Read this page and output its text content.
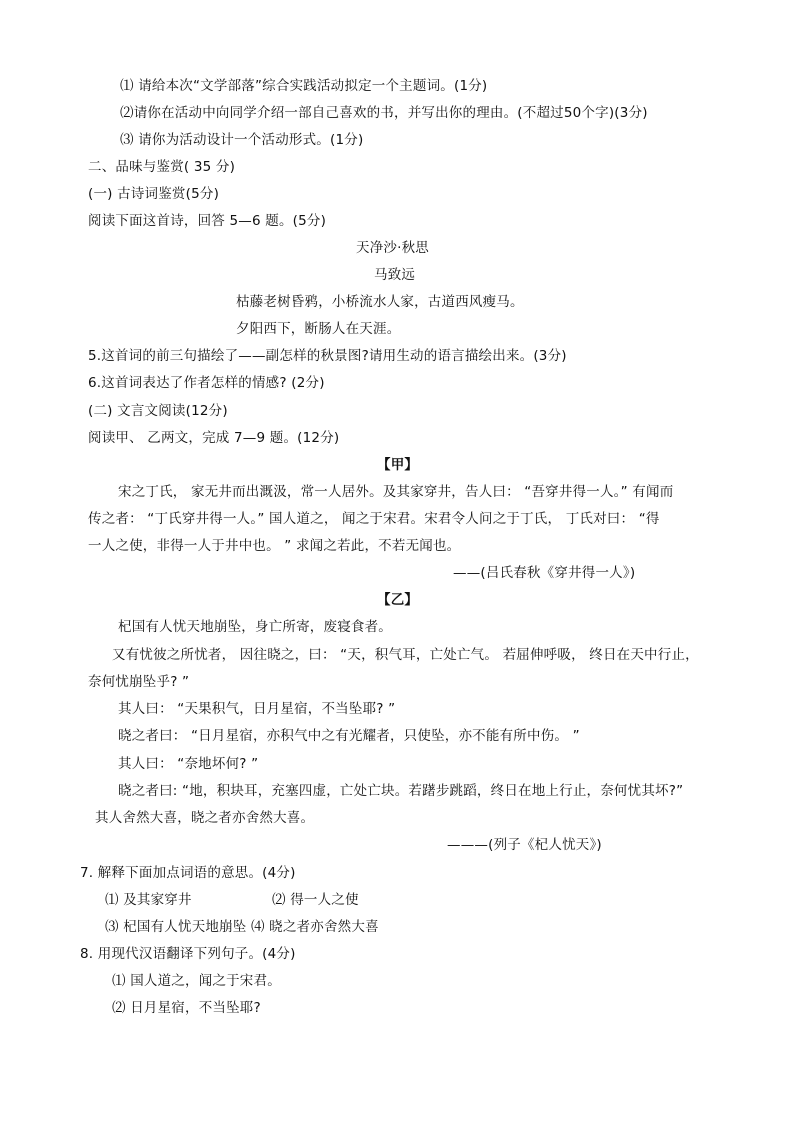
⑴ 请给本次“文学部落”综合实践活动拟定一个主题词。(1分)
⑵请你在活动中向同学介绍一部自己喜欢的书，并写出你的理由。(不超过50个字)(3分)
⑶ 请你为活动设计一个活动形式。(1分)
二、品味与鉴赏( 35 分)
(一) 古诗词鉴赏(5分)
阅读下面这首诗，回答 5—6 题。(5分)
天净沙·秋思
马致远
枯藤老树昏鸦，小桥流水人家，古道西风瘦马。
夕阳西下，断肠人在天涯。
5.这首词的前三句描绘了——副怎样的秋景图?请用生动的语言描绘出来。(3分)
6.这首词表达了作者怎样的情感? (2分)
(二) 文言文阅读(12分)
阅读甲、 乙两文，完成 7—9 题。(12分)
【甲】
宋之丁氏， 家无井而出溉汲，常一人居外。及其家穿井，告人曰： “吾穿井得一人。” 有闻而
传之者： “丁氏穿井得一人。” 国人道之， 闻之于宋君。宋君令人问之于丁氏， 丁氏对曰： “得
一人之使，非得一人于井中也。 ” 求闻之若此，不若无闻也。
——(吕氏春秋《穿井得一人》)
【乙】
杞国有人忧天地崩坠，身亡所寄，废寝食者。
又有忧彼之所忧者， 因往晓之，曰： “天，积气耳，亡处亡气。 若屈伸呼吸， 终日在天中行止，
奈何忧崩坠乎? ”
其人曰： “天果积气，日月星宿，不当坠耶? ”
晓之者曰： “日月星宿，亦积气中之有光耀者，只使坠，亦不能有所中伤。 ”
其人曰： “奈地坏何? ”
晓之者曰: “地，积块耳，充塞四虚，亡处亡块。若躇步跳蹈，终日在地上行止，奈何忧其坏?”
其人舍然大喜，晓之者亦舍然大喜。
———(列子《杞人忧天》)
7. 解释下面加点词语的意思。(4分)
⑴ 及其家穿井	⑵ 得一人之使
⑶ 杞国有人忧天地崩坠 ⑷ 晓之者亦舍然大喜
8. 用现代汉语翻译下列句子。(4分)
⑴ 国人道之，闻之于宋君。
⑵ 日月星宿，不当坠耶?
